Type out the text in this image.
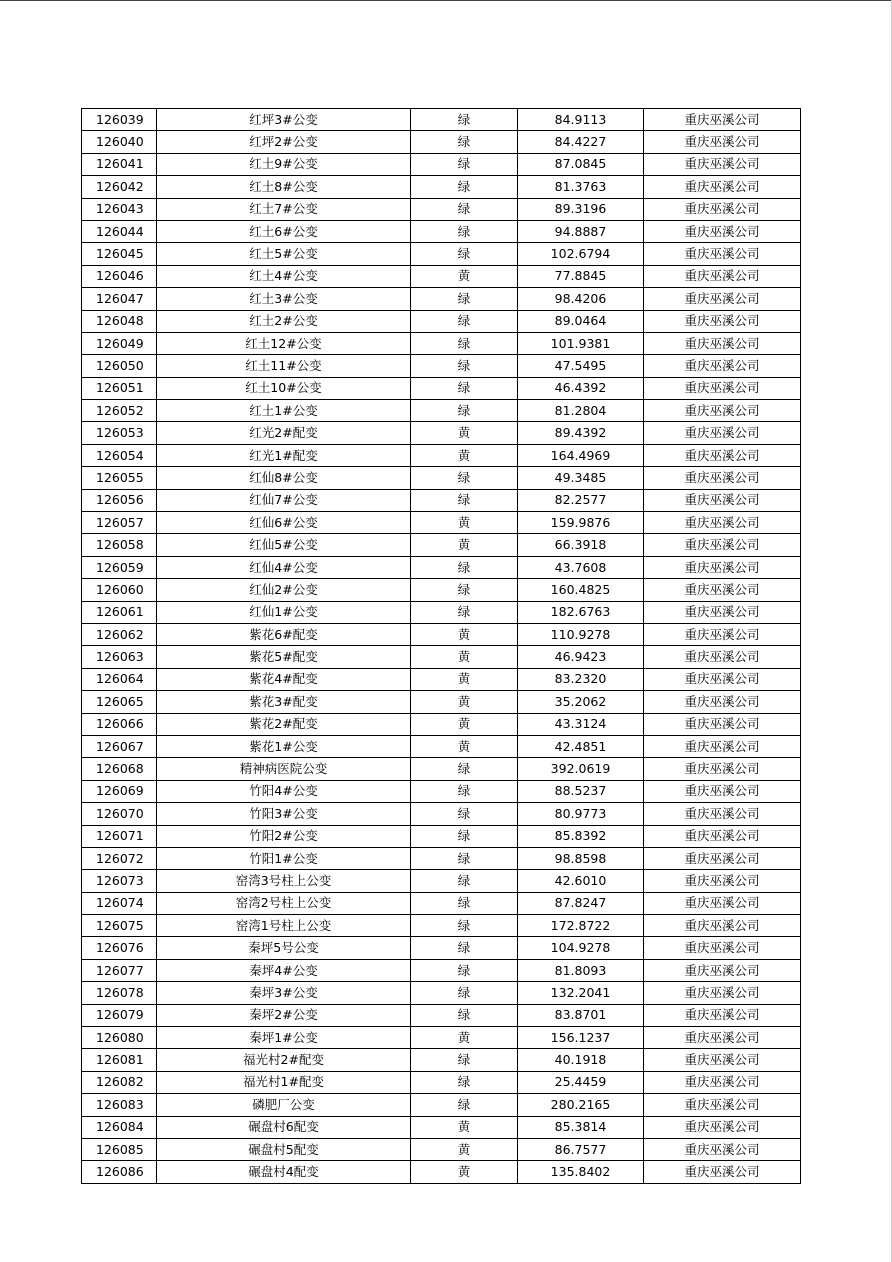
126039	红坪3#公变	绿	84.9113	重庆巫溪公司
126040	红坪2#公变	绿	84.4227	重庆巫溪公司
126041	红土9#公变	绿	87.0845	重庆巫溪公司
126042	红土8#公变	绿	81.3763	重庆巫溪公司
126043	红土7#公变	绿	89.3196	重庆巫溪公司
126044	红土6#公变	绿	94.8887	重庆巫溪公司
126045	红土5#公变	绿	102.6794	重庆巫溪公司
126046	红土4#公变	黄	77.8845	重庆巫溪公司
126047	红土3#公变	绿	98.4206	重庆巫溪公司
126048	红土2#公变	绿	89.0464	重庆巫溪公司
126049	红土12#公变	绿	101.9381	重庆巫溪公司
126050	红土11#公变	绿	47.5495	重庆巫溪公司
126051	红土10#公变	绿	46.4392	重庆巫溪公司
126052	红土1#公变	绿	81.2804	重庆巫溪公司
126053	红光2#配变	黄	89.4392	重庆巫溪公司
126054	红光1#配变	黄	164.4969	重庆巫溪公司
126055	红仙8#公变	绿	49.3485	重庆巫溪公司
126056	红仙7#公变	绿	82.2577	重庆巫溪公司
126057	红仙6#公变	黄	159.9876	重庆巫溪公司
126058	红仙5#公变	黄	66.3918	重庆巫溪公司
126059	红仙4#公变	绿	43.7608	重庆巫溪公司
126060	红仙2#公变	绿	160.4825	重庆巫溪公司
126061	红仙1#公变	绿	182.6763	重庆巫溪公司
126062	紫花6#配变	黄	110.9278	重庆巫溪公司
126063	紫花5#配变	黄	46.9423	重庆巫溪公司
126064	紫花4#配变	黄	83.2320	重庆巫溪公司
126065	紫花3#配变	黄	35.2062	重庆巫溪公司
126066	紫花2#配变	黄	43.3124	重庆巫溪公司
126067	紫花1#公变	黄	42.4851	重庆巫溪公司
126068	精神病医院公变	绿	392.0619	重庆巫溪公司
126069	竹阳4#公变	绿	88.5237	重庆巫溪公司
126070	竹阳3#公变	绿	80.9773	重庆巫溪公司
126071	竹阳2#公变	绿	85.8392	重庆巫溪公司
126072	竹阳1#公变	绿	98.8598	重庆巫溪公司
126073	窑湾3号柱上公变	绿	42.6010	重庆巫溪公司
126074	窑湾2号柱上公变	绿	87.8247	重庆巫溪公司
126075	窑湾1号柱上公变	绿	172.8722	重庆巫溪公司
126076	秦坪5号公变	绿	104.9278	重庆巫溪公司
126077	秦坪4#公变	绿	81.8093	重庆巫溪公司
126078	秦坪3#公变	绿	132.2041	重庆巫溪公司
126079	秦坪2#公变	绿	83.8701	重庆巫溪公司
126080	秦坪1#公变	黄	156.1237	重庆巫溪公司
126081	福光村2#配变	绿	40.1918	重庆巫溪公司
126082	福光村1#配变	绿	25.4459	重庆巫溪公司
126083	磷肥厂公变	绿	280.2165	重庆巫溪公司
126084	碾盘村6配变	黄	85.3814	重庆巫溪公司
126085	碾盘村5配变	黄	86.7577	重庆巫溪公司
126086	碾盘村4配变	黄	135.8402	重庆巫溪公司
